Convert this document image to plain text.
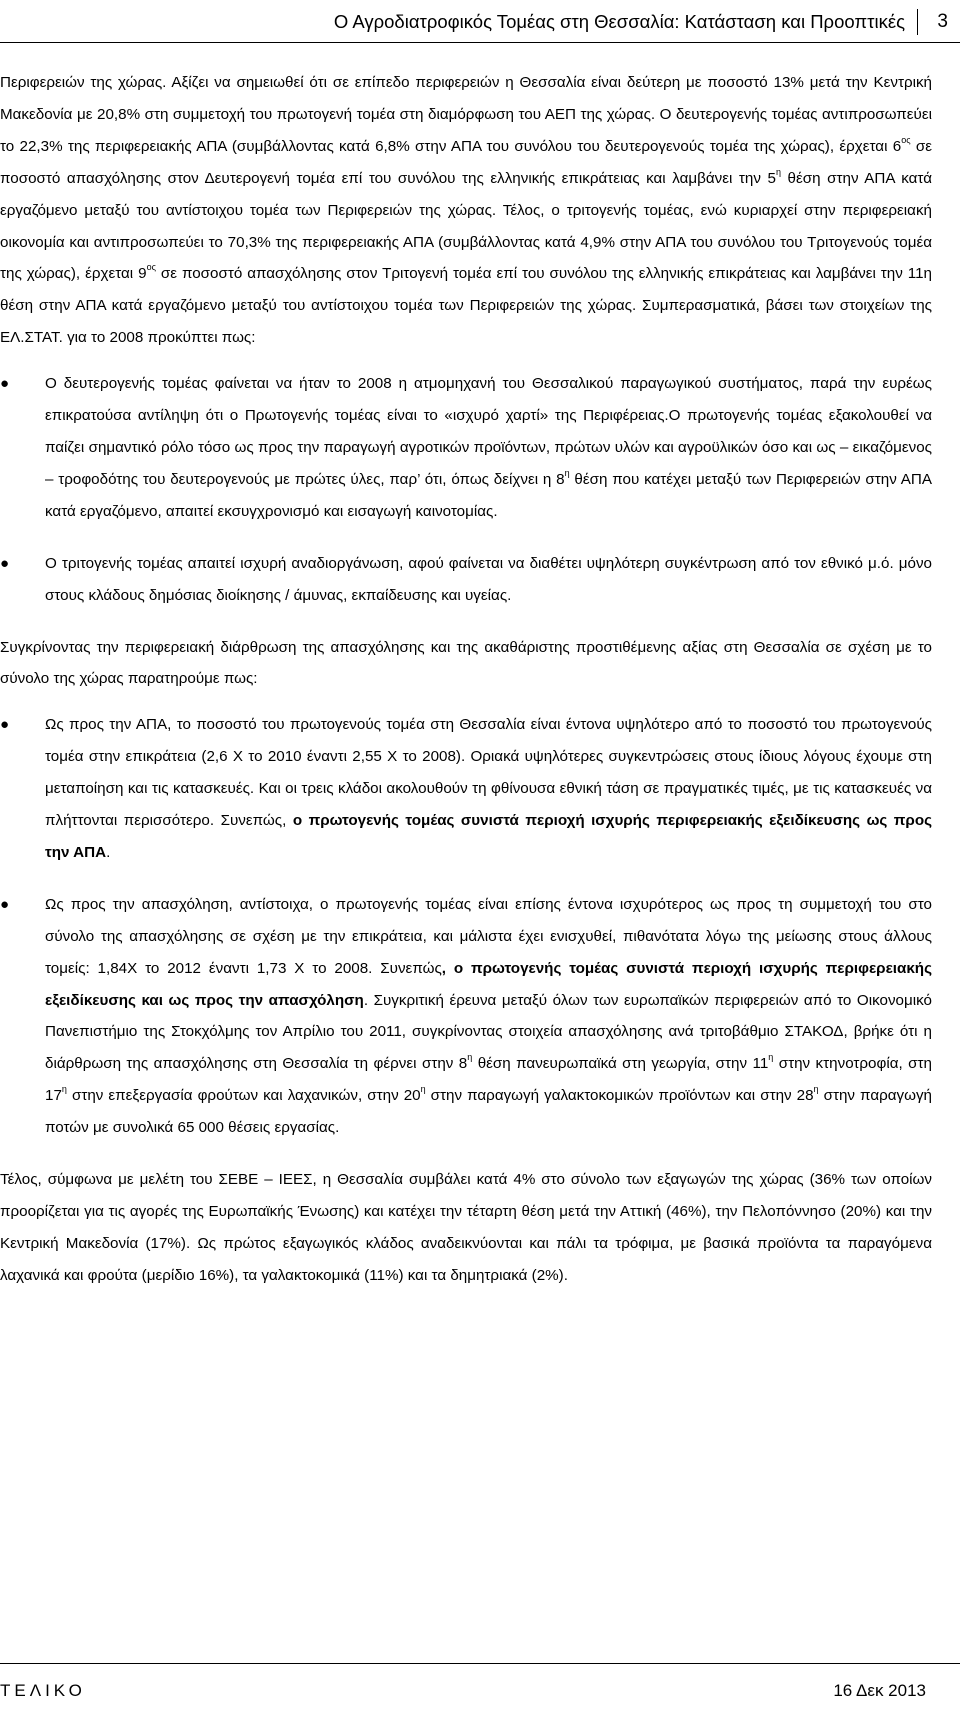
Ο Αγροδιατροφικός Τομέας στη Θεσσαλία: Κατάσταση και Προοπτικές	3

Περιφερειών της χώρας. Αξίζει να σημειωθεί ότι σε επίπεδο περιφερειών η Θεσσαλία είναι δεύτερη με ποσοστό 13% μετά την Κεντρική Μακεδονία με 20,8% στη συμμετοχή του πρωτογενή τομέα στη διαμόρφωση του ΑΕΠ της χώρας. Ο δευτερογενής τομέας αντιπροσωπεύει το 22,3% της περιφερειακής ΑΠΑ (συμβάλλοντας κατά 6,8% στην ΑΠΑ του συνόλου του δευτερογενούς τομέα της χώρας), έρχεται $6^{o\varsigma}$ σε ποσοστό απασχόλησης στον Δευτερογενή τομέα επί του συνόλου της ελληνικής επικράτειας και λαμβάνει την $5^\eta$ θέση στην ΑΠΑ κατά εργαζόμενο μεταξύ του αντίστοιχου τομέα των Περιφερειών της χώρας. Τέλος, ο τριτογενής τομέας, ενώ κυριαρχεί στην περιφερειακή οικονομία και αντιπροσωπεύει το 70,3% της περιφερειακής ΑΠΑ (συμβάλλοντας κατά 4,9% στην ΑΠΑ του συνόλου του Τριτογενούς τομέα της χώρας), έρχεται $9^{o\varsigma}$ σε ποσοστό απασχόλησης στον Τριτογενή τομέα επί του συνόλου της ελληνικής επικράτειας και λαμβάνει την 11η θέση στην ΑΠΑ κατά εργαζόμενο μεταξύ του αντίστοιχου τομέα των Περιφερειών της χώρας. Συμπερασματικά, βάσει των στοιχείων της ΕΛ.ΣΤΑΤ. για το 2008 προκύπτει πως:

● Ο δευτερογενής τομέας φαίνεται να ήταν το 2008 η ατμομηχανή του Θεσσαλικού παραγωγικού συστήματος, παρά την ευρέως επικρατούσα αντίληψη ότι ο Πρωτογενής τομέας είναι το «ισχυρό χαρτί» της Περιφέρειας.Ο πρωτογενής τομέας εξακολουθεί να παίζει σημαντικό ρόλο τόσο ως προς την παραγωγή αγροτικών προϊόντων, πρώτων υλών και αγροϋλικών όσο και ως – εικαζόμενος – τροφοδότης του δευτερογενούς με πρώτες ύλες, παρ’ ότι, όπως δείχνει η $8^\eta$ θέση που κατέχει μεταξύ των Περιφερειών στην ΑΠΑ κατά εργαζόμενο, απαιτεί εκσυγχρονισμό και εισαγωγή καινοτομίας.
● Ο τριτογενής τομέας απαιτεί ισχυρή αναδιοργάνωση, αφού φαίνεται να διαθέτει υψηλότερη συγκέντρωση από τον εθνικό μ.ό. μόνο στους κλάδους δημόσιας διοίκησης / άμυνας, εκπαίδευσης και υγείας.

Συγκρίνοντας την περιφερειακή διάρθρωση της απασχόλησης και της ακαθάριστης προστιθέμενης αξίας στη Θεσσαλία σε σχέση με το σύνολο της χώρας παρατηρούμε πως:

● Ως προς την ΑΠΑ, το ποσοστό του πρωτογενούς τομέα στη Θεσσαλία είναι έντονα υψηλότερο από το ποσοστό του πρωτογενούς τομέα στην επικράτεια (2,6 Χ το 2010 έναντι 2,55 Χ το 2008). Οριακά υψηλότερες συγκεντρώσεις στους ίδιους λόγους έχουμε στη μεταποίηση και τις κατασκευές. Και οι τρεις κλάδοι ακολουθούν τη φθίνουσα εθνική τάση σε πραγματικές τιμές, με τις κατασκευές να πλήττονται περισσότερο. Συνεπώς, ο πρωτογενής τομέας συνιστά περιοχή ισχυρής περιφερειακής εξειδίκευσης ως προς την ΑΠΑ.
● Ως προς την απασχόληση, αντίστοιχα, ο πρωτογενής τομέας είναι επίσης έντονα ισχυρότερος ως προς τη συμμετοχή του στο σύνολο της απασχόλησης σε σχέση με την επικράτεια, και μάλιστα έχει ενισχυθεί, πιθανότατα λόγω της μείωσης στους άλλους τομείς: 1,84Χ το 2012 έναντι 1,73 Χ το 2008. Συνεπώς, ο πρωτογενής τομέας συνιστά περιοχή ισχυρής περιφερειακής εξειδίκευσης και ως προς την απασχόληση. Συγκριτική έρευνα μεταξύ όλων των ευρωπαϊκών περιφερειών από το Οικονομικό Πανεπιστήμιο της Στοκχόλμης τον Απρίλιο του 2011, συγκρίνοντας στοιχεία απασχόλησης ανά τριτοβάθμιο ΣΤΑΚΟΔ, βρήκε ότι η διάρθρωση της απασχόλησης στη Θεσσαλία τη φέρνει στην $8^\eta$ θέση πανευρωπαϊκά στη γεωργία, στην $11^\eta$ στην κτηνοτροφία, στη $17^\eta$ στην επεξεργασία φρούτων και λαχανικών, στην $20^\eta$ στην παραγωγή γαλακτοκομικών προϊόντων και στην $28^\eta$ στην παραγωγή ποτών με συνολικά 65 000 θέσεις εργασίας.

Τέλος, σύμφωνα με μελέτη του ΣΕΒΕ – ΙΕΕΣ, η Θεσσαλία συμβάλει κατά 4% στο σύνολο των εξαγωγών της χώρας (36% των οποίων προορίζεται για τις αγορές της Ευρωπαϊκής Ένωσης) και κατέχει την τέταρτη θέση μετά την Αττική (46%), την Πελοπόννησο (20%) και την Κεντρική Μακεδονία (17%). Ως πρώτος εξαγωγικός κλάδος αναδεικνύονται και πάλι τα τρόφιμα, με βασικά προϊόντα τα παραγόμενα λαχανικά και φρούτα (μερίδιο 16%), τα γαλακτοκομικά (11%) και τα δημητριακά (2%).

ΤΕΛΙΚΟ	16 Δεκ 2013
